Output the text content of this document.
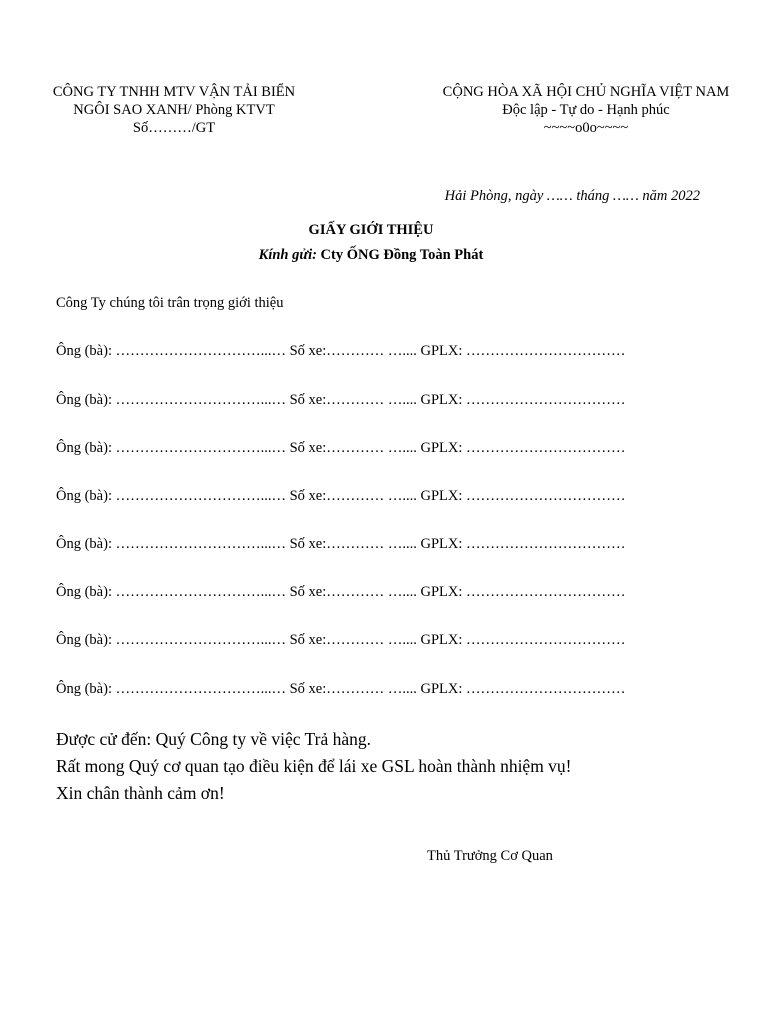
CÔNG TY TNHH MTV VẬN TẢI BIỂN
NGÔI SAO XANH/ Phòng KTVT
Số………/GT
CỘNG HÒA XÃ HỘI CHỦ NGHĨA VIỆT NAM
Độc lập - Tự do - Hạnh phúc
~~~~o0o~~~~
Hải Phòng, ngày …… tháng …… năm 2022
GIẤY GIỚI THIỆU
Kính gửi: Cty ỐNG Đồng Toàn Phát
Công Ty chúng tôi trân trọng giới thiệu
Ông (bà): …………………………...… Số xe:………… ….... GPLX: ……………………………
Ông (bà): …………………………...… Số xe:………… ….... GPLX: ……………………………
Ông (bà): …………………………...… Số xe:………… ….... GPLX: ……………………………
Ông (bà): …………………………...… Số xe:………… ….... GPLX: ……………………………
Ông (bà): …………………………...… Số xe:………… ….... GPLX: ……………………………
Ông (bà): …………………………...… Số xe:………… ….... GPLX: ……………………………
Ông (bà): …………………………...… Số xe:………… ….... GPLX: ……………………………
Ông (bà): …………………………...… Số xe:………… ….... GPLX: ……………………………
Được cử đến: Quý Công ty về việc Trả hàng.
Rất mong Quý cơ quan tạo điều kiện để lái xe GSL hoàn thành nhiệm vụ!
Xin chân thành cảm ơn!
Thủ Trưởng Cơ Quan
